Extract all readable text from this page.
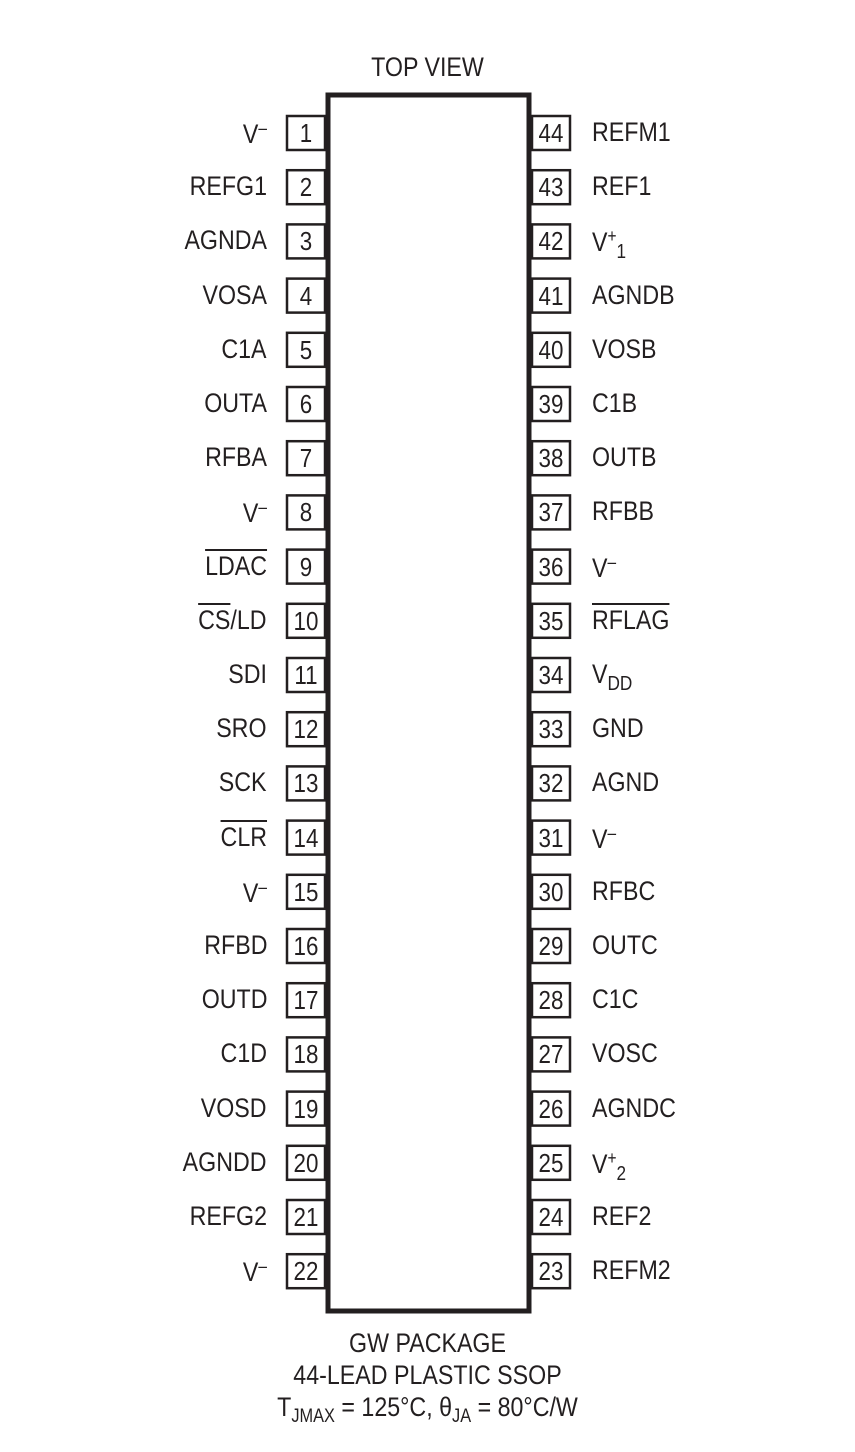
TOP VIEW
1
V–
2
REFG1
3
AGNDA
4
VOSA
5
C1A
6
OUTA
7
RFBA
8
V–
9
LDAC
10
$\overline{CS}/LD$
11
SDI
12
SRO
13
SCK
14
$\overline{CLR}$
15
V–
16
RFBD
17
OUTD
18
C1D
19
VOSD
20
AGNDD
21
REFG2
22
V–
44 REFM1
43 REF1
42 $V^+_1$
41 AGNDB
40 VOSB
39 C1B
38 OUTB
37 RFBB
36 V–
35 RFLAG
34 $V_{DD}$
33 GND
32 AGND
31 V–
30 RFBC
29 OUTC
28 C1C
27 VOSC
26 AGNDC
25 $V^+_2$
24 REF2
23 REFM2
GW PACKAGE
44-LEAD PLASTIC SSOP
$T_{JMAX} = 125^\circ C$, $\theta_{JA} = 80^\circ C/W$
